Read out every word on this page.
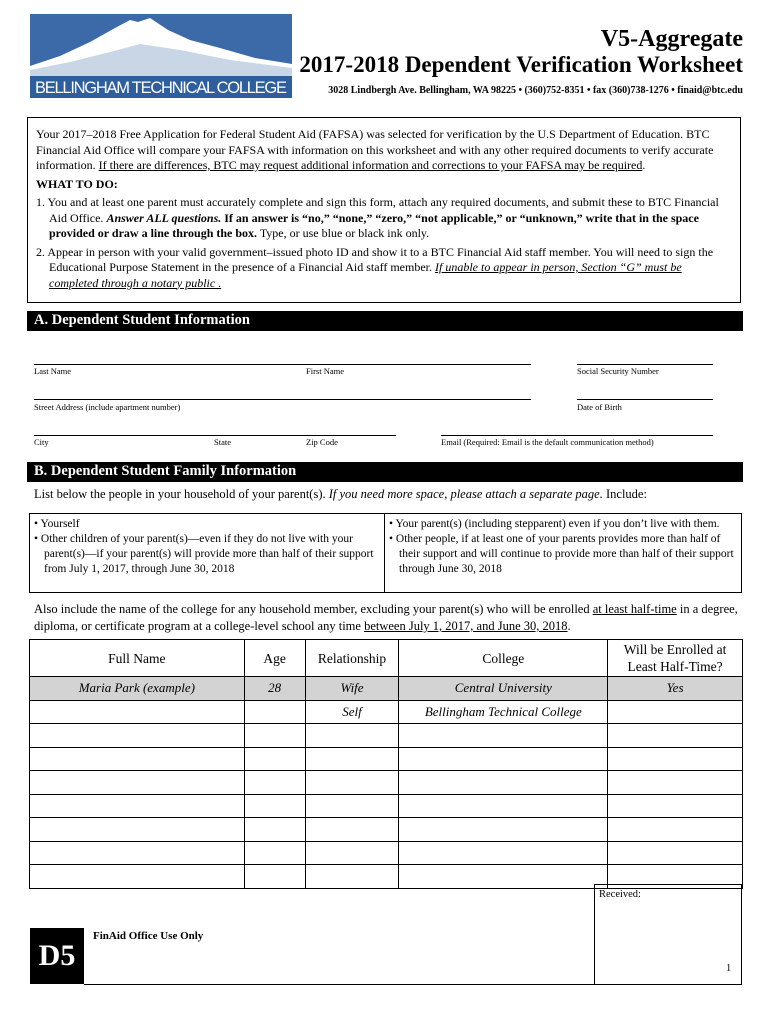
BELLINGHAM TECHNICAL COLLEGE
V5-Aggregate
2017-2018 Dependent Verification Worksheet
3028 Lindbergh Ave. Bellingham, WA 98225 • (360)752-8351 • fax (360)738-1276 • finaid@btc.edu

Your 2017–2018 Free Application for Federal Student Aid (FAFSA) was selected for verification by the U.S Department of Education. BTC Financial Aid Office will compare your FAFSA with information on this worksheet and with any other required documents to verify accurate information. If there are differences, BTC may request additional information and corrections to your FAFSA may be required.

WHAT TO DO:

1. You and at least one parent must accurately complete and sign this form, attach any required documents, and submit these to BTC Financial Aid Office. Answer ALL questions. If an answer is “no,” “none,” “zero,” “not applicable,” or “unknown,” write that in the space provided or draw a line through the box. Type, or use blue or black ink only.

2. Appear in person with your valid government–issued photo ID and show it to a BTC Financial Aid staff member. You will need to sign the Educational Purpose Statement in the presence of a Financial Aid staff member. If unable to appear in person, Section “G” must be completed through a notary public .

A. Dependent Student Information
Last Name	First Name	Social Security Number
Street Address (include apartment number)	Date of Birth
City	State	Zip Code	Email (Required: Email is the default communication method)
B. Dependent Student Family Information
List below the people in your household of your parent(s). If you need more space, please attach a separate page. Include:

• Yourself

• Other children of your parent(s)—even if they do not live with your parent(s)—if your parent(s) will provide more than half of their support from July 1, 2017, through June 30, 2018

• Your parent(s) (including stepparent) even if you don’t live with them.

• Other people, if at least one of your parents provides more than half of their support and will continue to provide more than half of their support through June 30, 2018

Also include the name of the college for any household member, excluding your parent(s) who will be enrolled at least half-time in a degree, diploma, or certificate program at a college-level school any time between July 1, 2017, and June 30, 2018.
Full Name	Age	Relationship	College	Will be Enrolled at Least Half-Time?
Maria Park (example)	28	Wife	Central University	Yes
		Self	Bellingham Technical College	

Received:
1
D5
FinAid Office Use Only
